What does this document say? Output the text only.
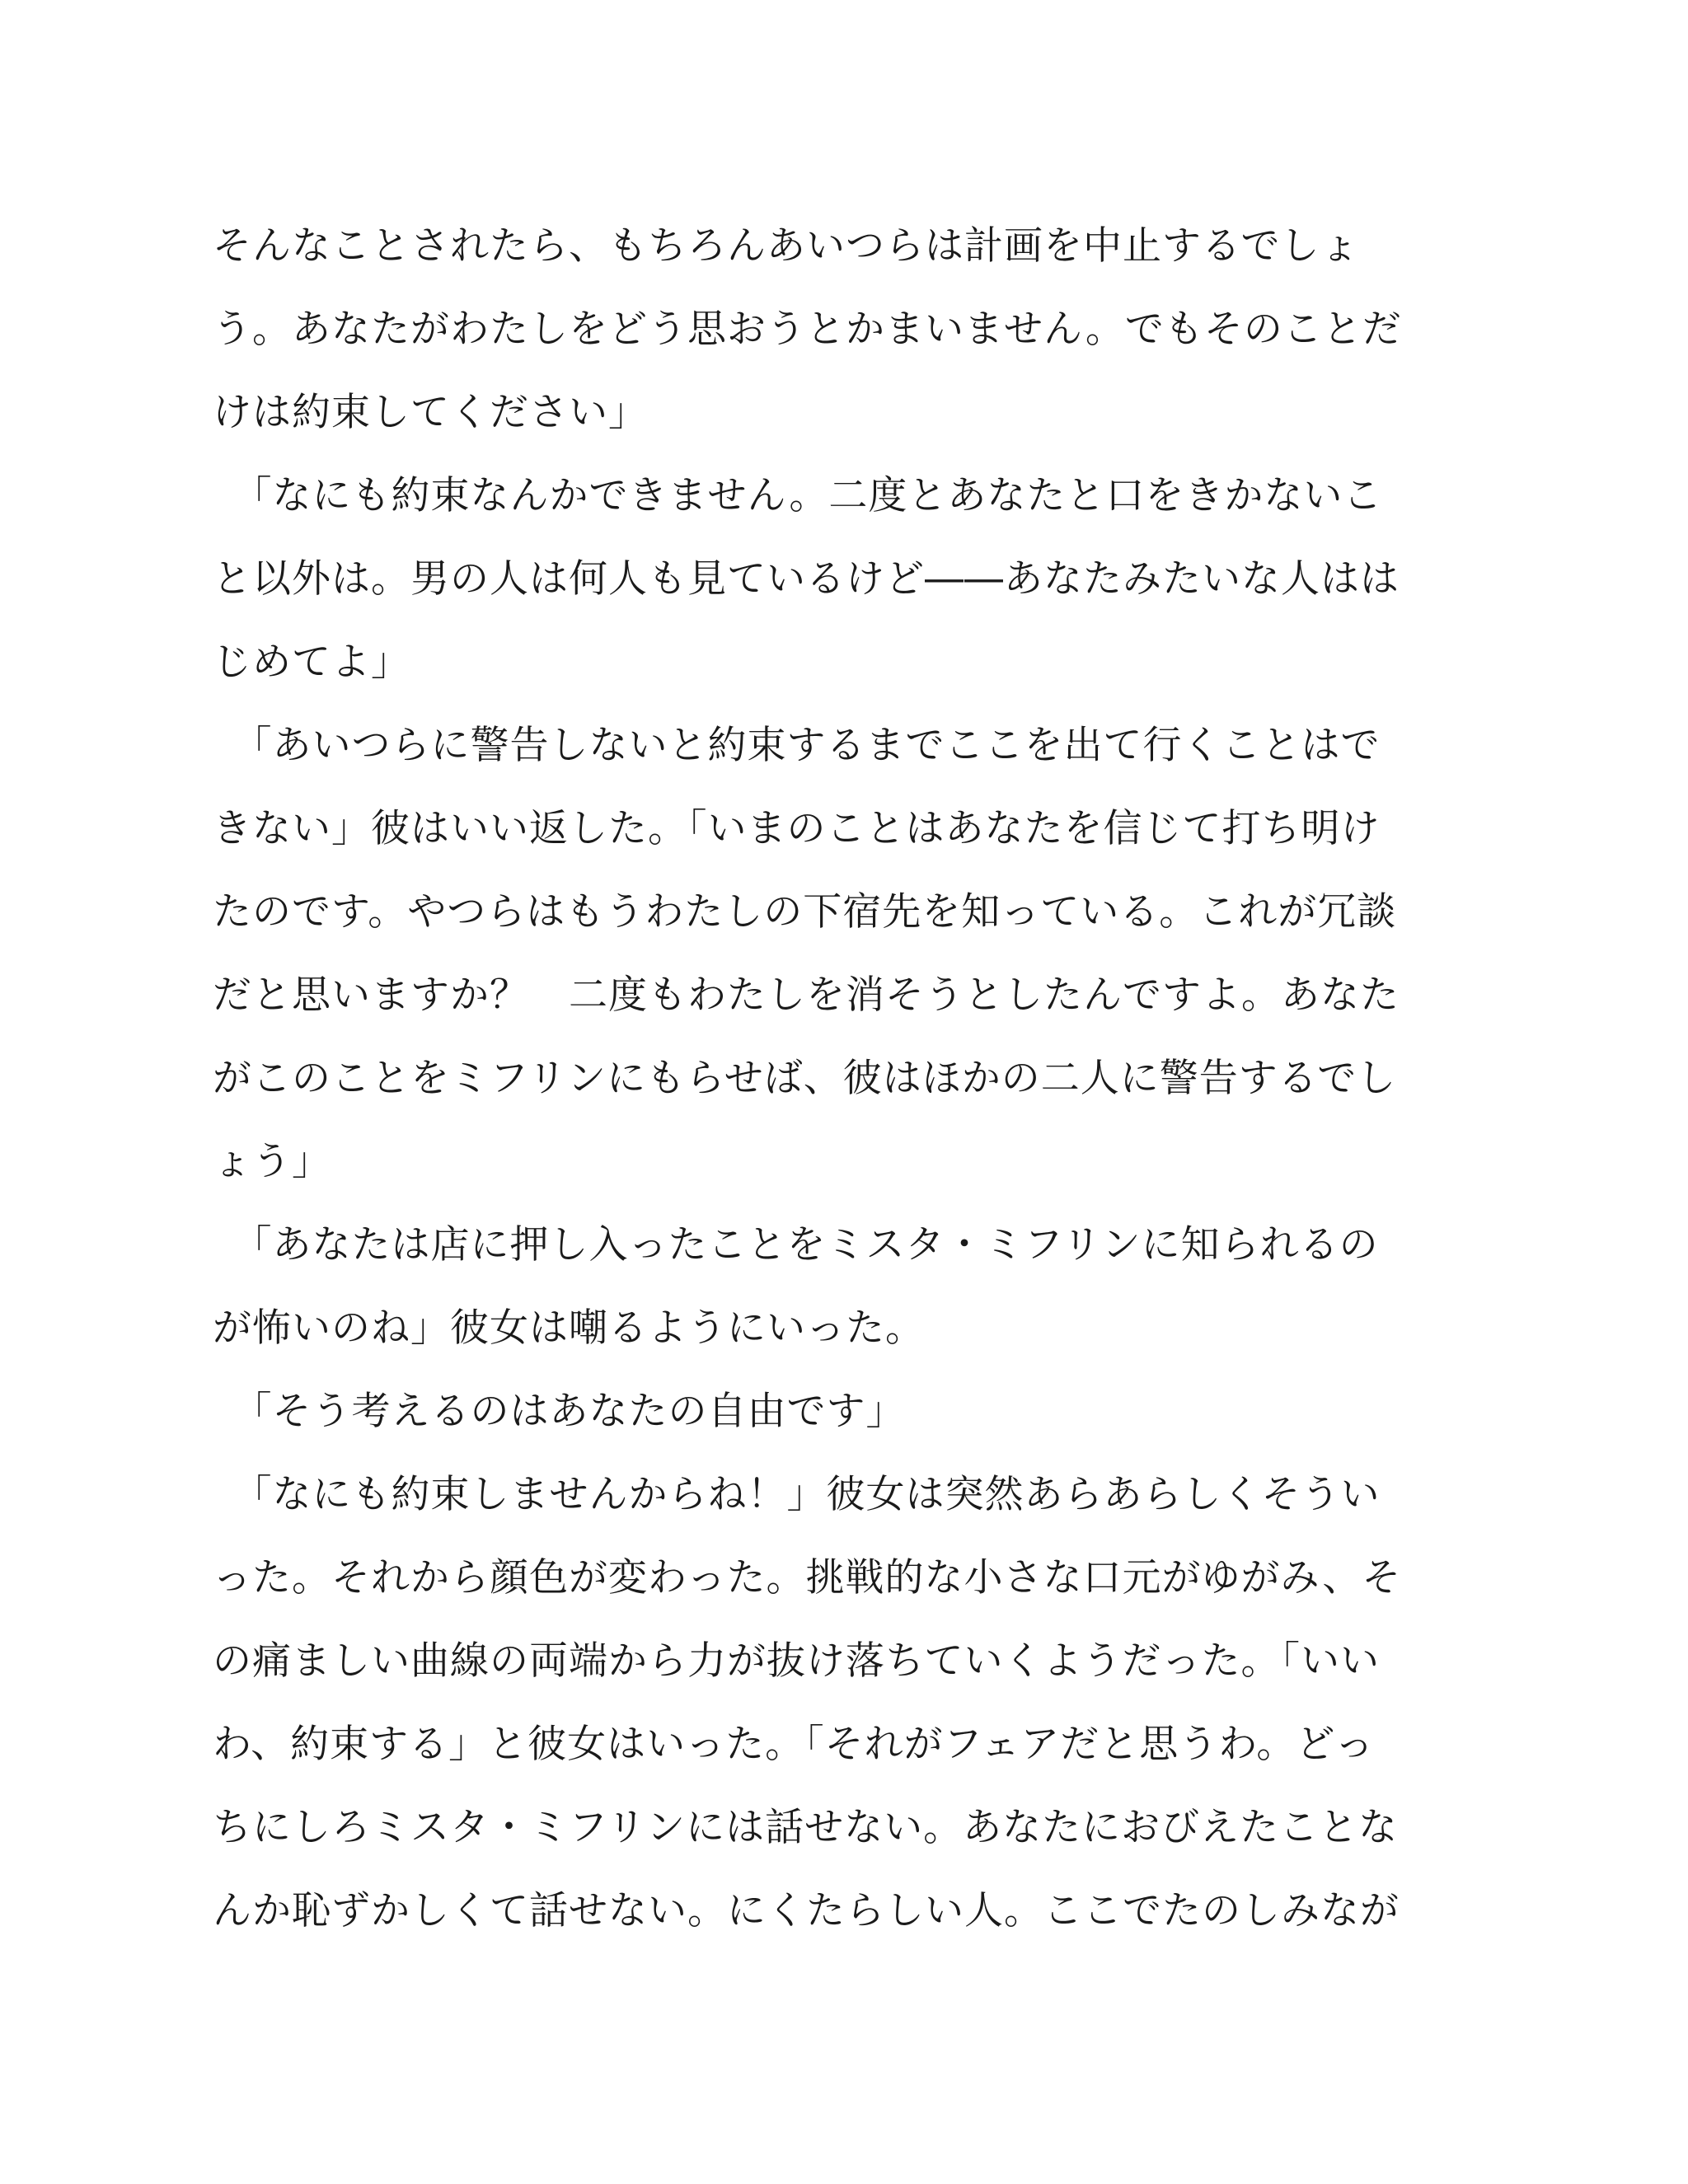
そんなことされたら、もちろんあいつらは計画を中止するでしょ
う。あなたがわたしをどう思おうとかまいません。でもそのことだ
けは約束してください」
　「なにも約束なんかできません。二度とあなたと口をきかないこ
と以外は。男の人は何人も見ているけど――あなたみたいな人はは
じめてよ」
　「あいつらに警告しないと約束するまでここを出て行くことはで
きない」彼はいい返した。「いまのことはあなたを信じて打ち明け
たのです。やつらはもうわたしの下宿先を知っている。これが冗談
だと思いますか？　二度もわたしを消そうとしたんですよ。あなた
がこのことをミフリンにもらせば、彼はほかの二人に警告するでし
ょう」
　「あなたは店に押し入ったことをミスタ・ミフリンに知られるの
が怖いのね」彼女は嘲るようにいった。
　「そう考えるのはあなたの自由です」
　「なにも約束しませんからね！」彼女は突然あらあらしくそうい
った。それから顔色が変わった。挑戦的な小さな口元がゆがみ、そ
の痛ましい曲線の両端から力が抜け落ちていくようだった。「いい
わ、約束する」と彼女はいった。「それがフェアだと思うわ。どっ
ちにしろミスタ・ミフリンには話せない。あなたにおびえたことな
んか恥ずかしくて話せない。にくたらしい人。ここでたのしみなが
